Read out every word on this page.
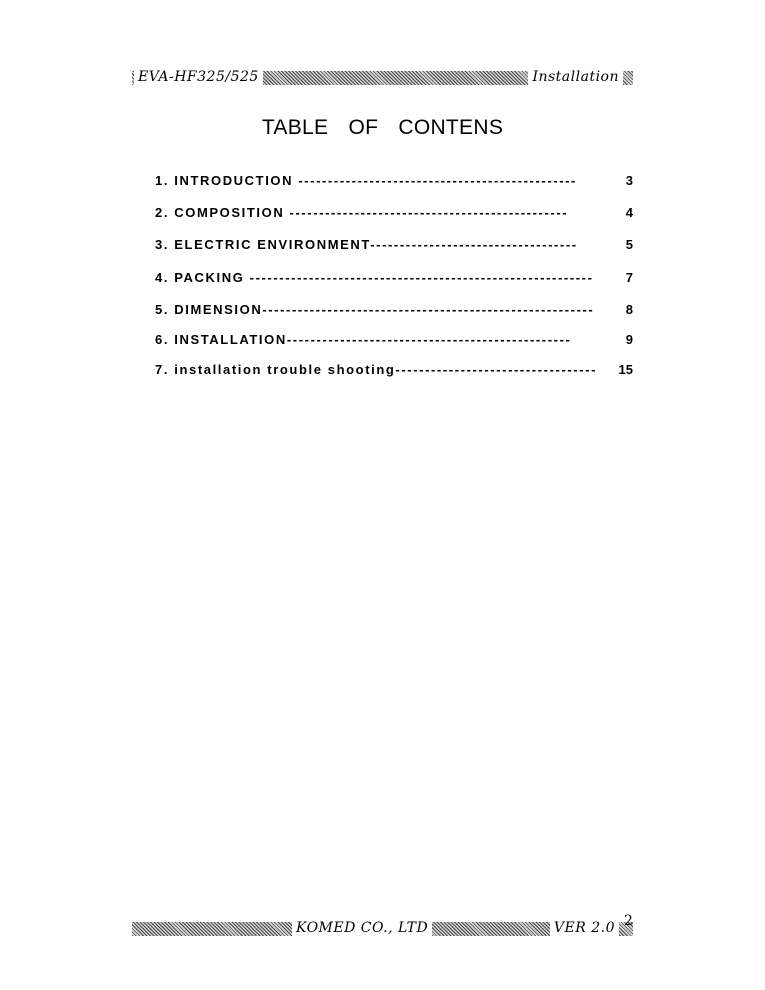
EVA-HF325/525	Installation
TABLE OF CONTENS
1. INTRODUCTION -----------------------------------------------	3
2. COMPOSITION -----------------------------------------------	4
3. ELECTRIC ENVIRONMENT-----------------------------------	5
4. PACKING ---------------------------------------------------------- 7
5. DIMENSION-------------------------------------------------------- 8
6. INSTALLATION------------------------------------------------	9
7. installation trouble shooting---------------------------------- 15
KOMED CO., LTD	VER 2.0 2
